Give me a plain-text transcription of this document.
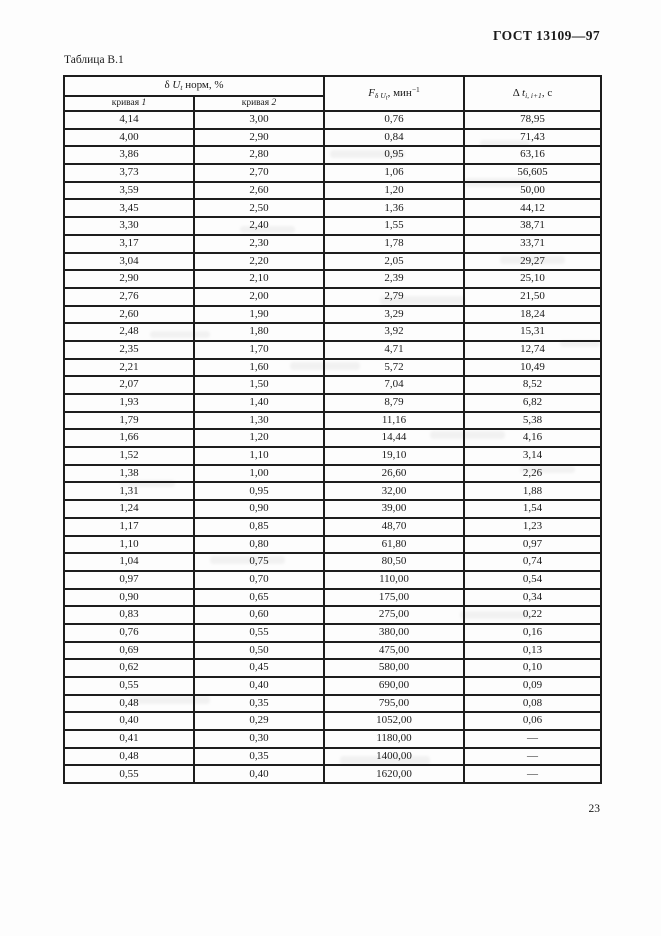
ГОСТ 13109—97
Таблица В.1
δ $U_t$ норм, %		$F_{\delta U_t}$, мин$^{-1}$	Δ $t_{i, i+1}$, с
кривая 1	кривая 2		
4,14	3,00	0,76	78,95
4,00	2,90	0,84	71,43
3,86	2,80	0,95	63,16
3,73	2,70	1,06	56,605
3,59	2,60	1,20	50,00
3,45	2,50	1,36	44,12
3,30	2,40	1,55	38,71
3,17	2,30	1,78	33,71
3,04	2,20	2,05	29,27
2,90	2,10	2,39	25,10
2,76	2,00	2,79	21,50
2,60	1,90	3,29	18,24
2,48	1,80	3,92	15,31
2,35	1,70	4,71	12,74
2,21	1,60	5,72	10,49
2,07	1,50	7,04	8,52
1,93	1,40	8,79	6,82
1,79	1,30	11,16	5,38
1,66	1,20	14,44	4,16
1,52	1,10	19,10	3,14
1,38	1,00	26,60	2,26
1,31	0,95	32,00	1,88
1,24	0,90	39,00	1,54
1,17	0,85	48,70	1,23
1,10	0,80	61,80	0,97
1,04	0,75	80,50	0,74
0,97	0,70	110,00	0,54
0,90	0,65	175,00	0,34
0,83	0,60	275,00	0,22
0,76	0,55	380,00	0,16
0,69	0,50	475,00	0,13
0,62	0,45	580,00	0,10
0,55	0,40	690,00	0,09
0,48	0,35	795,00	0,08
0,40	0,29	1052,00	0,06
0,41	0,30	1180,00	—
0,48	0,35	1400,00	—
0,55	0,40	1620,00	—
23
